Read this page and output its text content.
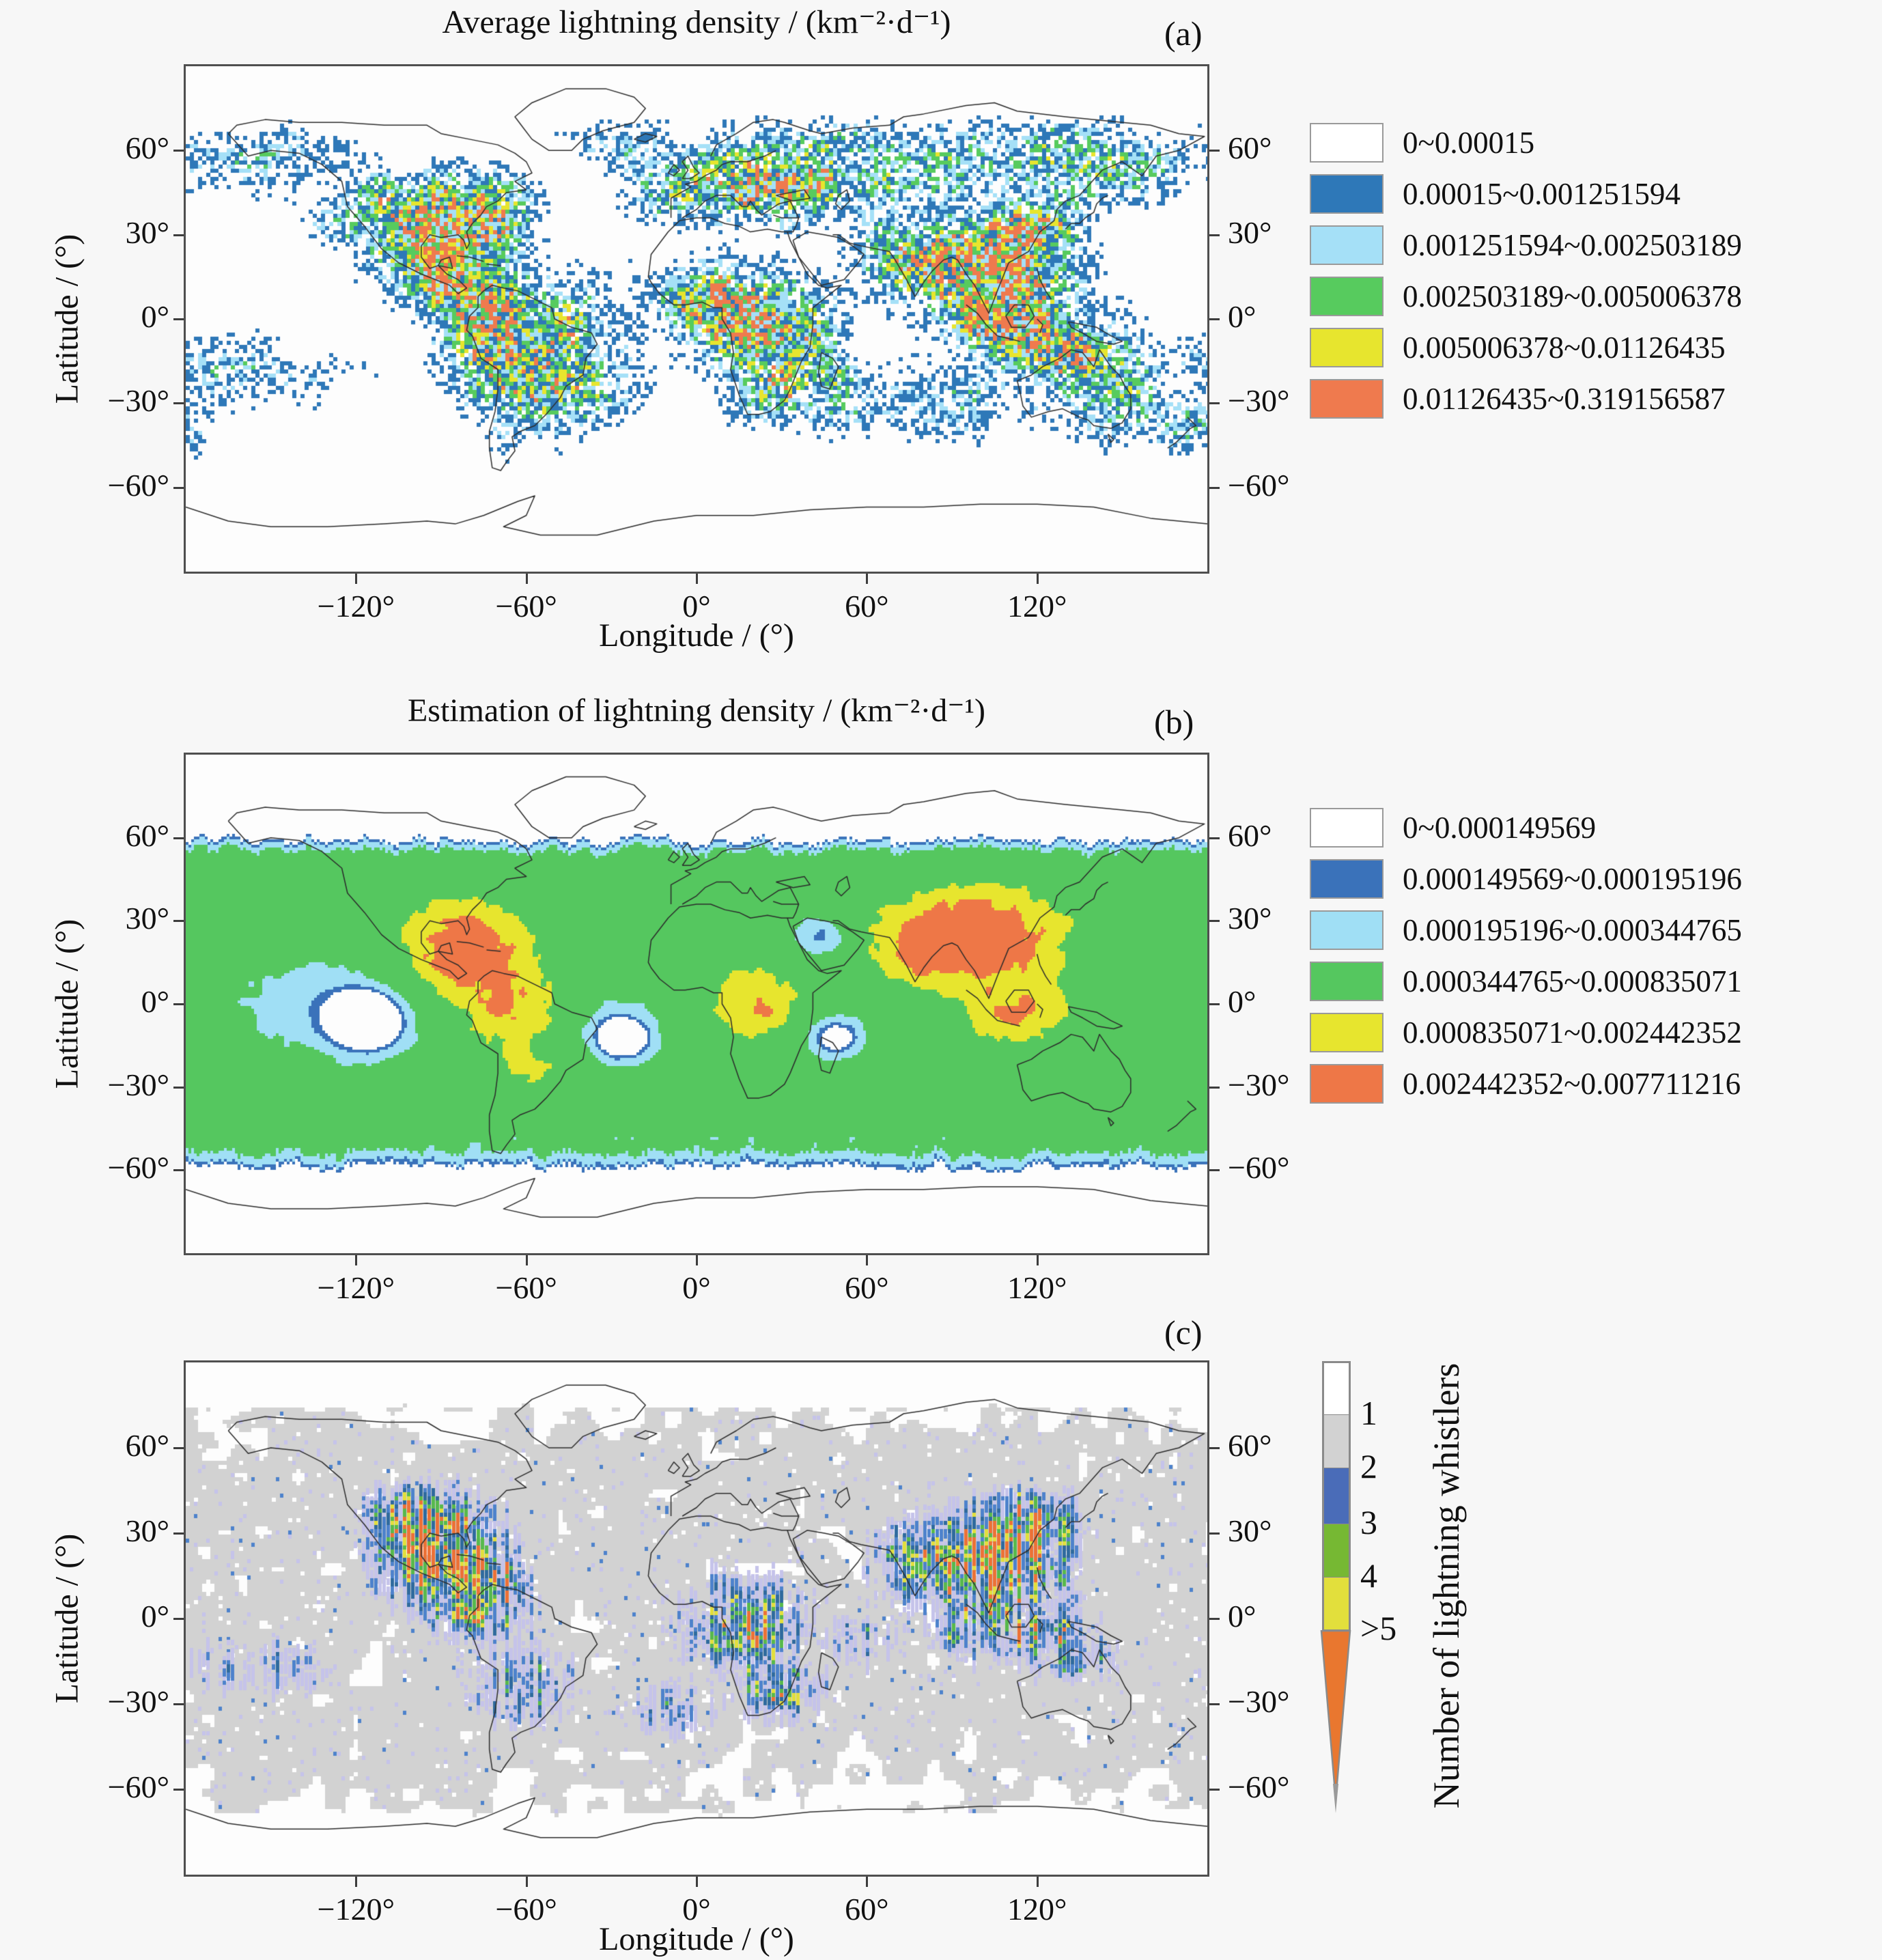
Average lightning density / (km⁻²·d⁻¹)	(a)
Latitude / (°)
Longitude / (°)
Estimation of lightning density / (km⁻²·d⁻¹)	(b)
Latitude / (°)
(c)
Latitude / (°)
Longitude / (°)
Number of lightning whistlers
−120°	−60°	0°	60°	120°
60°	60°
30°	30°
0°	0°
−30°	−30°
−60°	−60°
−120°	−60°	0°	60°	120°
60°	60°
30°	30°
0°	0°
−30°	−30°
−60°	−60°
−120°	−60°	0°	60°	120°
60°	60°
30°	30°
0°	0°
−30°	−30°
−60°	−60°
0~0.00015
0.00015~0.001251594
0.001251594~0.002503189
0.002503189~0.005006378
0.005006378~0.01126435
0.01126435~0.319156587
0~0.000149569
0.000149569~0.000195196
0.000195196~0.000344765
0.000344765~0.000835071
0.000835071~0.002442352
0.002442352~0.007711216
1
2
3
4
>5
